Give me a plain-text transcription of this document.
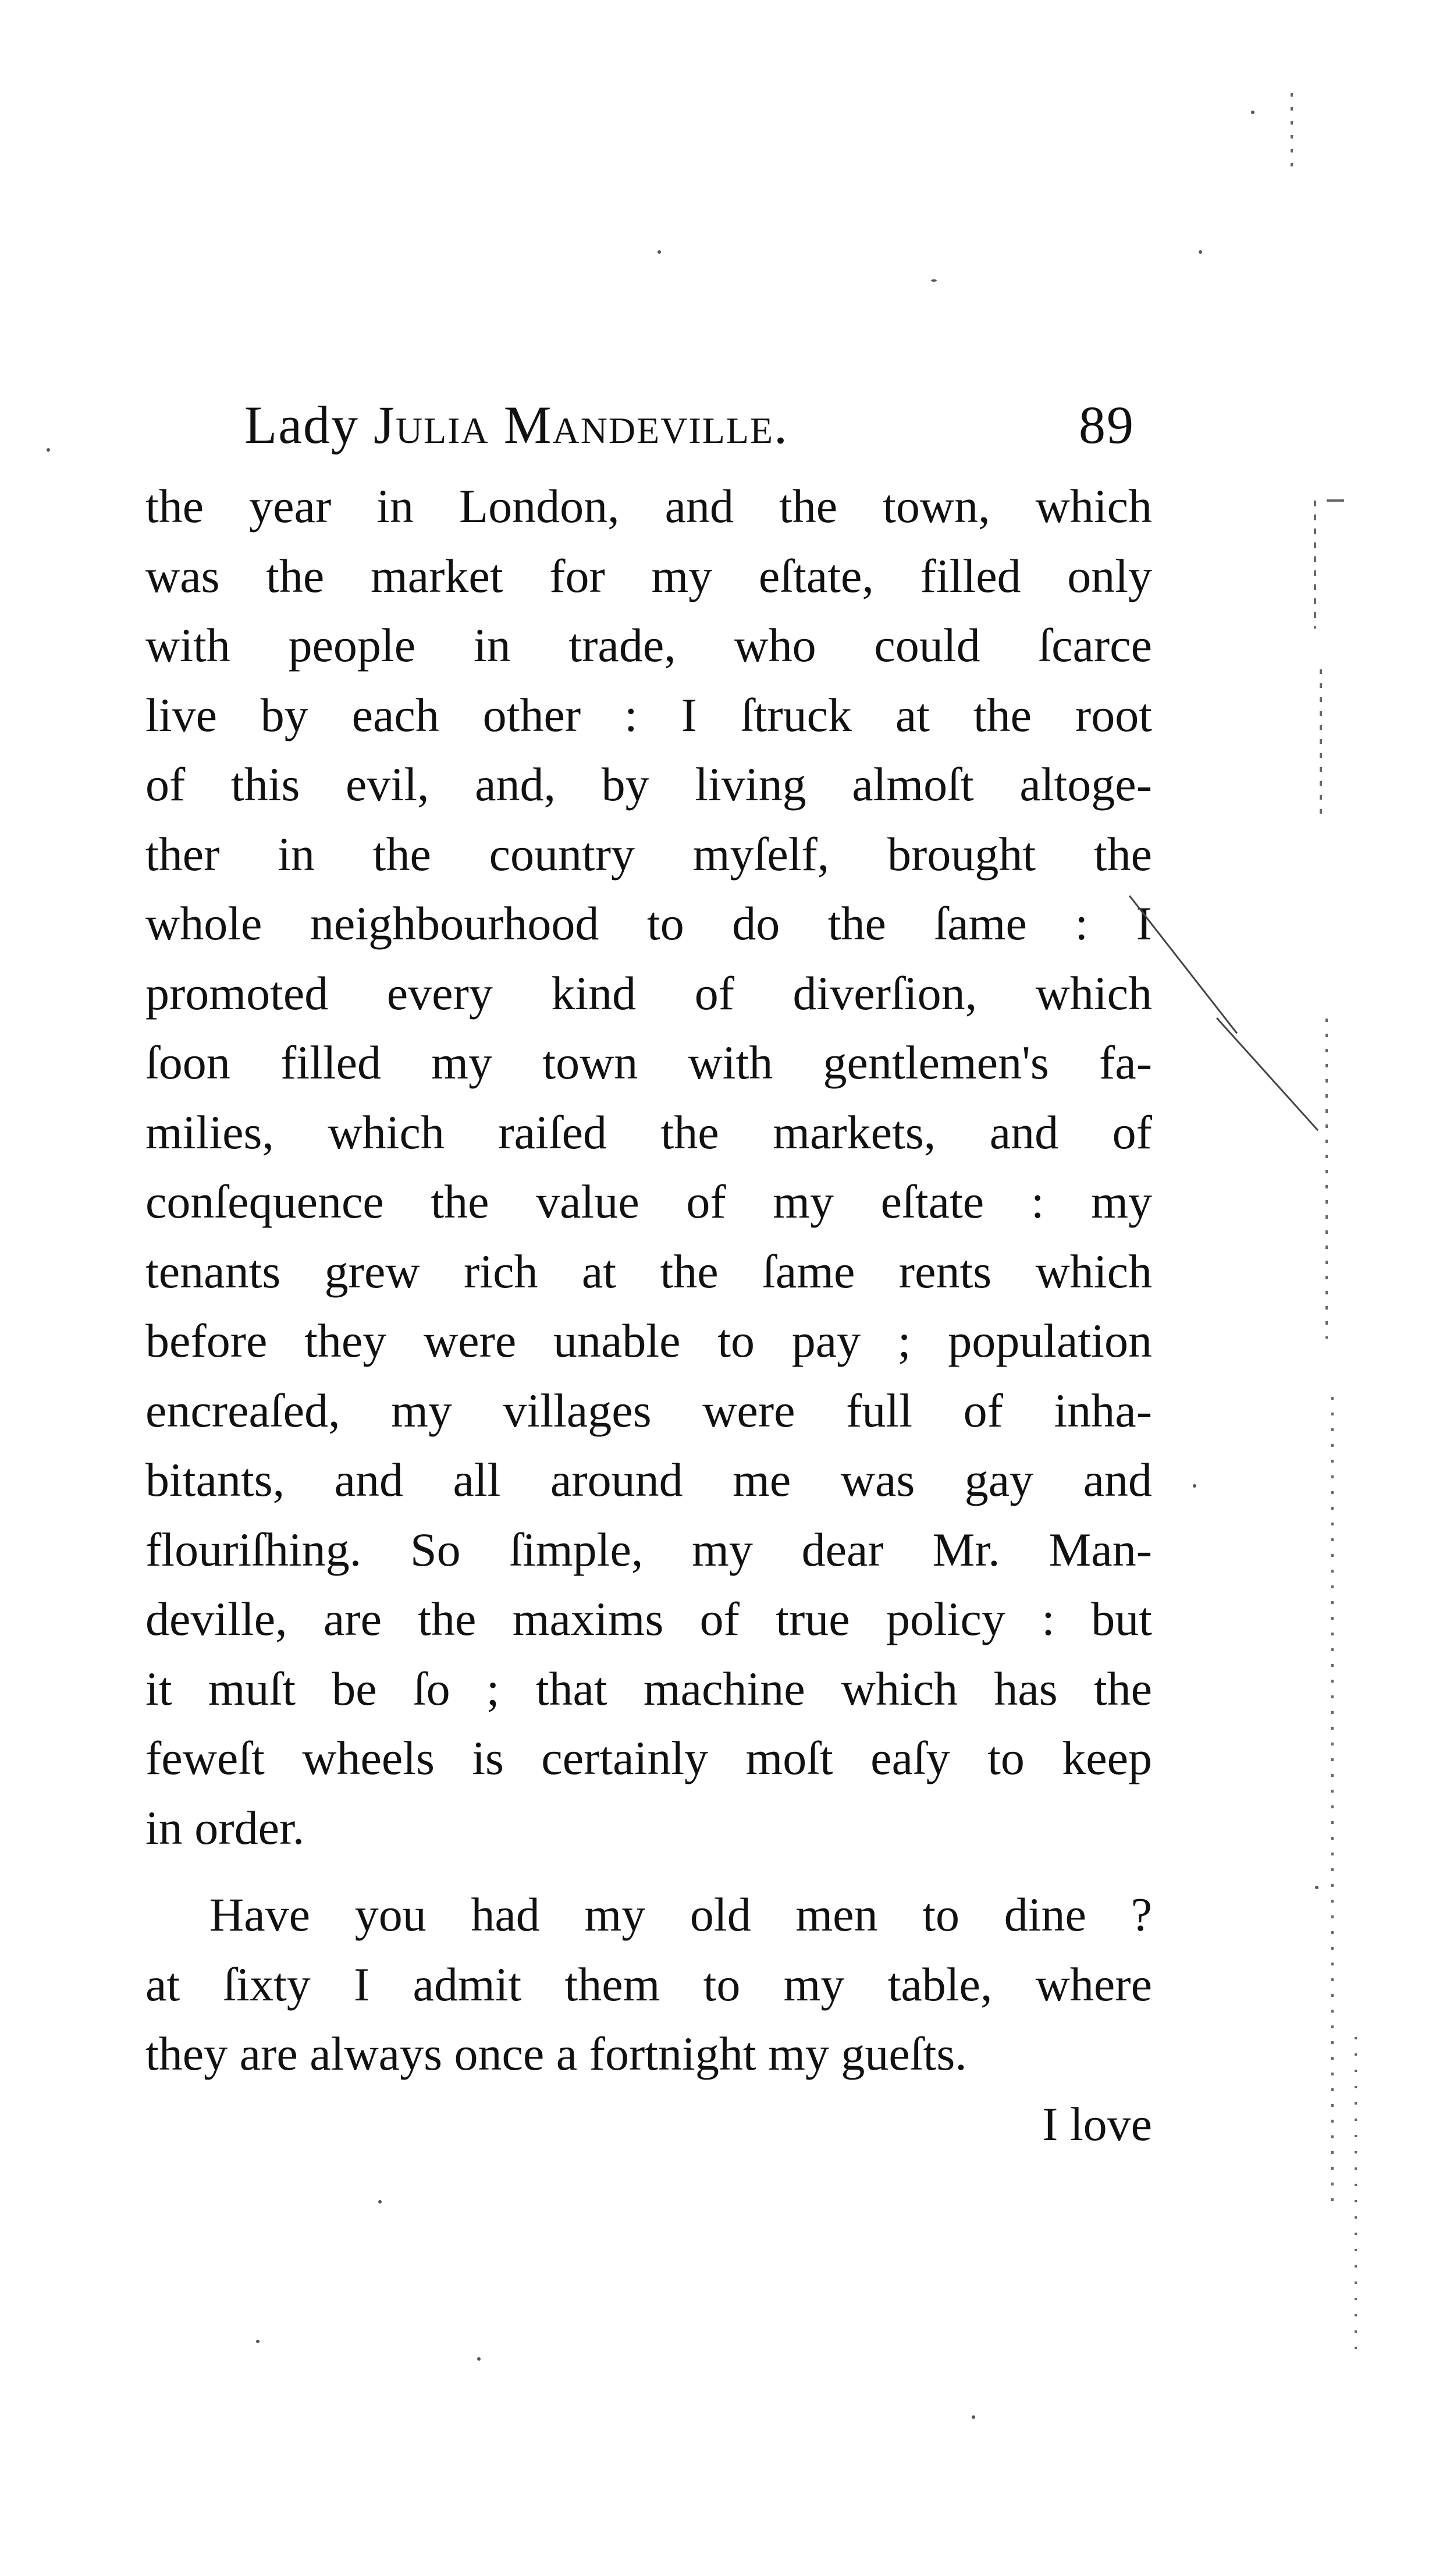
Lady Julia Mandeville.	89
the year in London, and the town, which
was the market for my eſtate, filled only
with people in trade, who could ſcarce
live by each other : I ſtruck at the root
of this evil, and, by living almoſt altoge-
ther in the country myſelf, brought the
whole neighbourhood to do the ſame : I
promoted every kind of diverſion, which
ſoon filled my town with gentlemen's fa-
milies, which raiſed the markets, and of
conſequence the value of my eſtate : my
tenants grew rich at the ſame rents which
before they were unable to pay ; population
encreaſed, my villages were full of inha-
bitants, and all around me was gay and
flouriſhing. So ſimple, my dear Mr. Man-
deville, are the maxims of true policy : but
it muſt be ſo ; that machine which has the
feweſt wheels is certainly moſt eaſy to keep
in order.
Have you had my old men to dine ?
at ſixty I admit them to my table, where
they are always once a fortnight my gueſts.
I love
